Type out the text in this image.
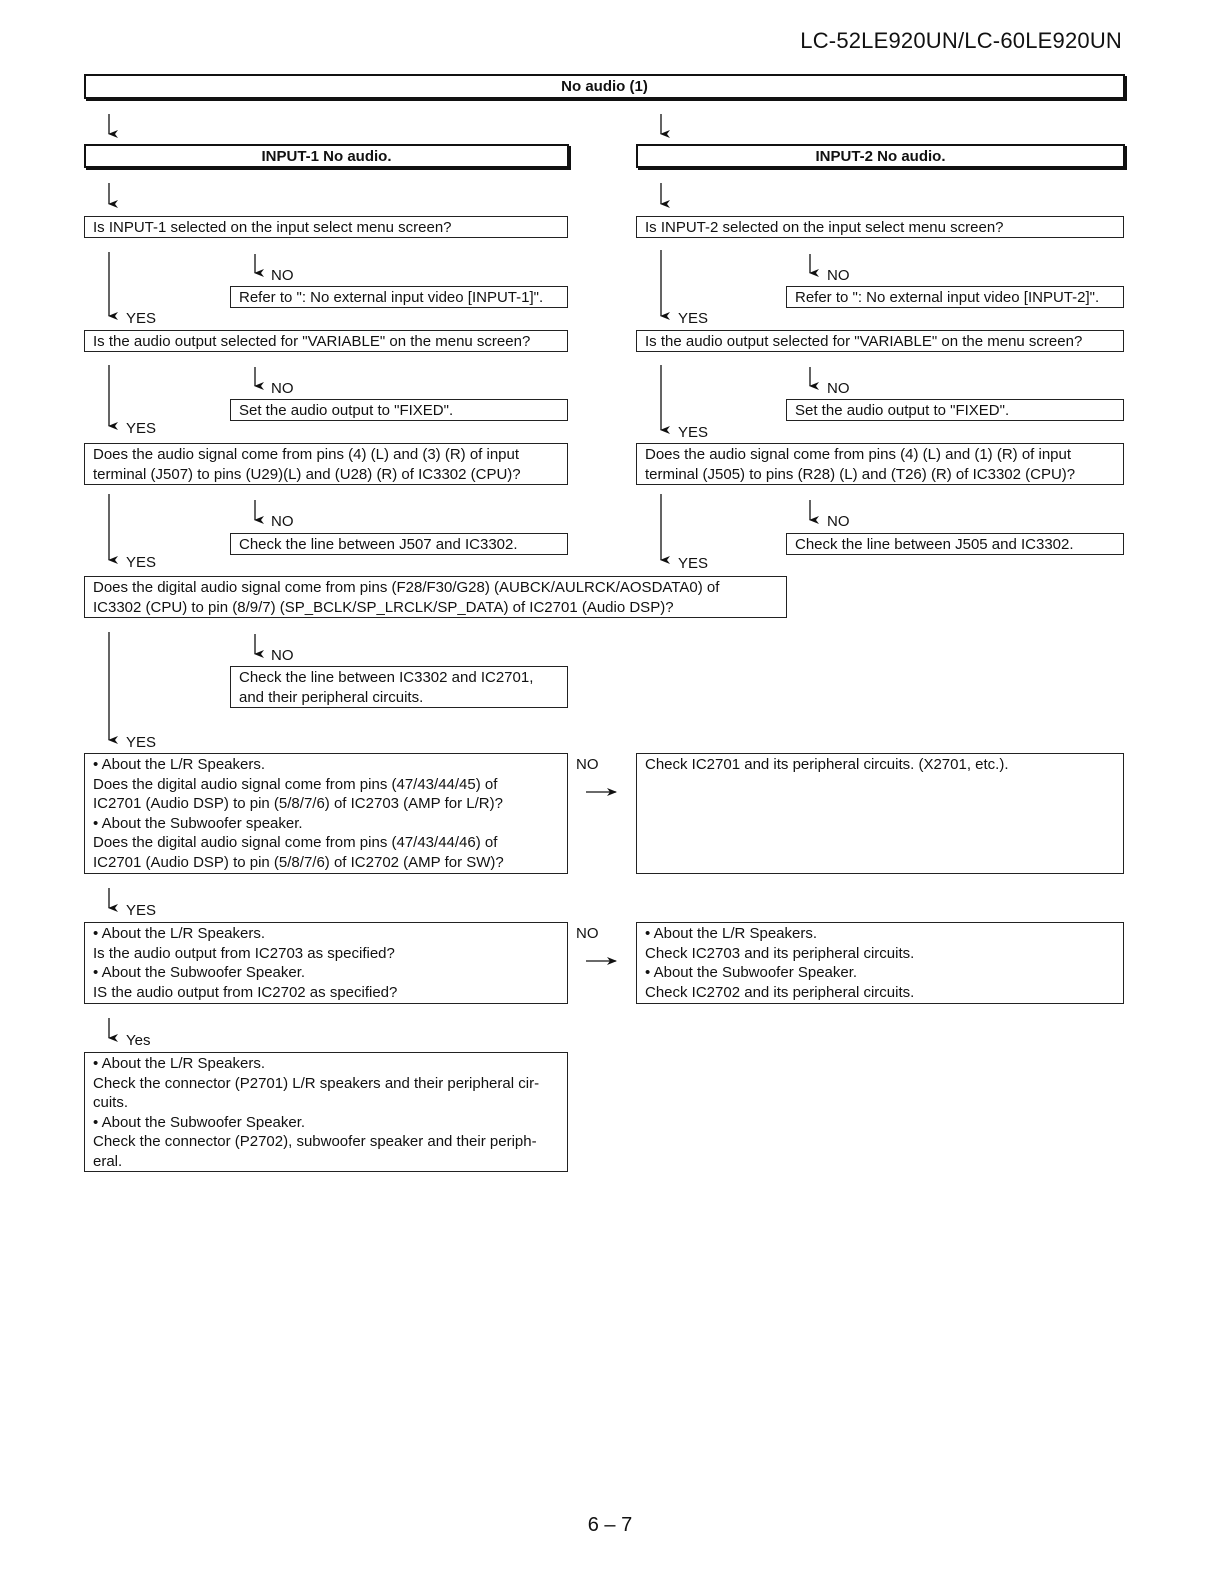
LC-52LE920UN/LC-60LE920UN
No audio (1)
INPUT-1 No audio.	INPUT-2 No audio.
Is INPUT-1 selected on the input select menu screen?
NO
Refer to ": No external input video [INPUT-1]".
YES
Is the audio output selected for "VARIABLE" on the menu screen?
NO
Set the audio output to "FIXED".
YES
Does the audio signal come from pins (4) (L) and (3) (R) of input
terminal (J507) to pins (U29)(L) and (U28) (R) of IC3302 (CPU)?
NO
Check the line between J507 and IC3302.
YES
Is INPUT-2 selected on the input select menu screen?
NO
Refer to ": No external input video [INPUT-2]".
YES
Is the audio output selected for "VARIABLE" on the menu screen?
NO
Set the audio output to "FIXED".
YES
Does the audio signal come from pins (4) (L) and (1) (R) of input
terminal (J505) to pins (R28) (L) and (T26) (R) of IC3302 (CPU)?
NO
Check the line between J505 and IC3302.
YES
Does the digital audio signal come from pins (F28/F30/G28) (AUBCK/AULRCK/AOSDATA0) of
IC3302 (CPU) to pin (8/9/7) (SP_BCLK/SP_LRCLK/SP_DATA) of IC2701 (Audio DSP)?
NO
Check the line between IC3302 and IC2701,
and their peripheral circuits.
YES
• About the L/R Speakers.
Does the digital audio signal come from pins (47/43/44/45) of
IC2701 (Audio DSP) to pin (5/8/7/6) of IC2703 (AMP for L/R)?
• About the Subwoofer speaker.
Does the digital audio signal come from pins (47/43/44/46) of
IC2701 (Audio DSP) to pin (5/8/7/6) of IC2702 (AMP for SW)?
NO	Check IC2701 and its peripheral circuits. (X2701, etc.).
YES
• About the L/R Speakers.
Is the audio output from IC2703 as specified?
• About the Subwoofer Speaker.
IS the audio output from IC2702 as specified?
NO	• About the L/R Speakers.
Check IC2703 and its peripheral circuits.
• About the Subwoofer Speaker.
Check IC2702 and its peripheral circuits.
Yes
• About the L/R Speakers.
Check the connector (P2701) L/R speakers and their peripheral cir-
cuits.
• About the Subwoofer Speaker.
Check the connector (P2702), subwoofer speaker and their periph-
eral.
6 – 7
